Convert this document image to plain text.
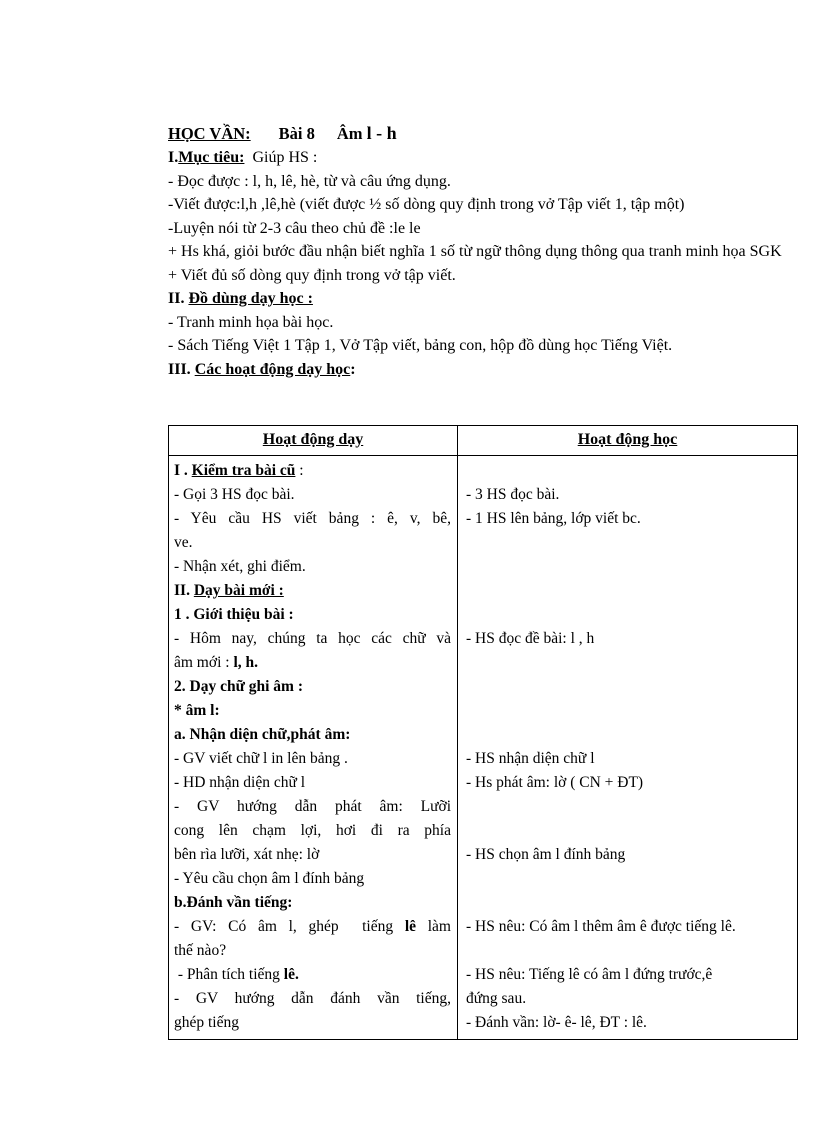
HỌC VẦN: Bài 8 Âm l - h
I.Mục tiêu: Giúp HS :
- Đọc được : l, h, lê, hè, từ và câu ứng dụng.
-Viết được:l,h ,lê,hè (viết được ½ số dòng quy định trong vở Tập viết 1, tập một)
-Luyện nói từ 2-3 câu theo chủ đề :le le
+ Hs khá, giỏi bước đầu nhận biết nghĩa 1 số từ ngữ thông dụng thông qua tranh minh họa SGK
+ Viết đủ số dòng quy định trong vở tập viết.
II. Đồ dùng dạy học :
- Tranh minh họa bài học.
- Sách Tiếng Việt 1 Tập 1, Vở Tập viết, bảng con, hộp đồ dùng học Tiếng Việt.
III. Các hoạt động dạy học:
Hoạt động dạy	Hoạt động học
I . Kiểm tra bài cũ :
- Gọi 3 HS đọc bài.
- Yêu cầu HS viết bảng : ê, v, bê,
ve.
- Nhận xét, ghi điểm.
II. Dạy bài mới :
1 . Giới thiệu bài :
- Hôm nay, chúng ta học các chữ và
âm mới : l, h.
2. Dạy chữ ghi âm :
* âm l:
a. Nhận diện chữ,phát âm:
- GV viết chữ l in lên bảng .
- HD nhận diện chữ l
- GV hướng dẫn phát âm: Lưỡi
cong lên chạm lợi, hơi đi ra phía
bên rìa lưỡi, xát nhẹ: lờ
- Yêu cầu chọn âm l đính bảng
b.Đánh vần tiếng:
- GV: Có âm l, ghép  tiếng lê làm
thế nào?
- Phân tích tiếng lê.
- GV hướng dẫn đánh vần tiếng,
ghép tiếng

- 3 HS đọc bài.
- 1 HS lên bảng, lớp viết bc.

- HS đọc đề bài: l , h

- HS nhận diện chữ l
- Hs phát âm: lờ ( CN + ĐT)

- HS chọn âm l đính bảng

- HS nêu: Có âm l thêm âm ê được tiếng lê.

- HS nêu: Tiếng lê có âm l đứng trước,ê
đứng sau.
- Đánh vần: lờ- ê- lê, ĐT : lê.
